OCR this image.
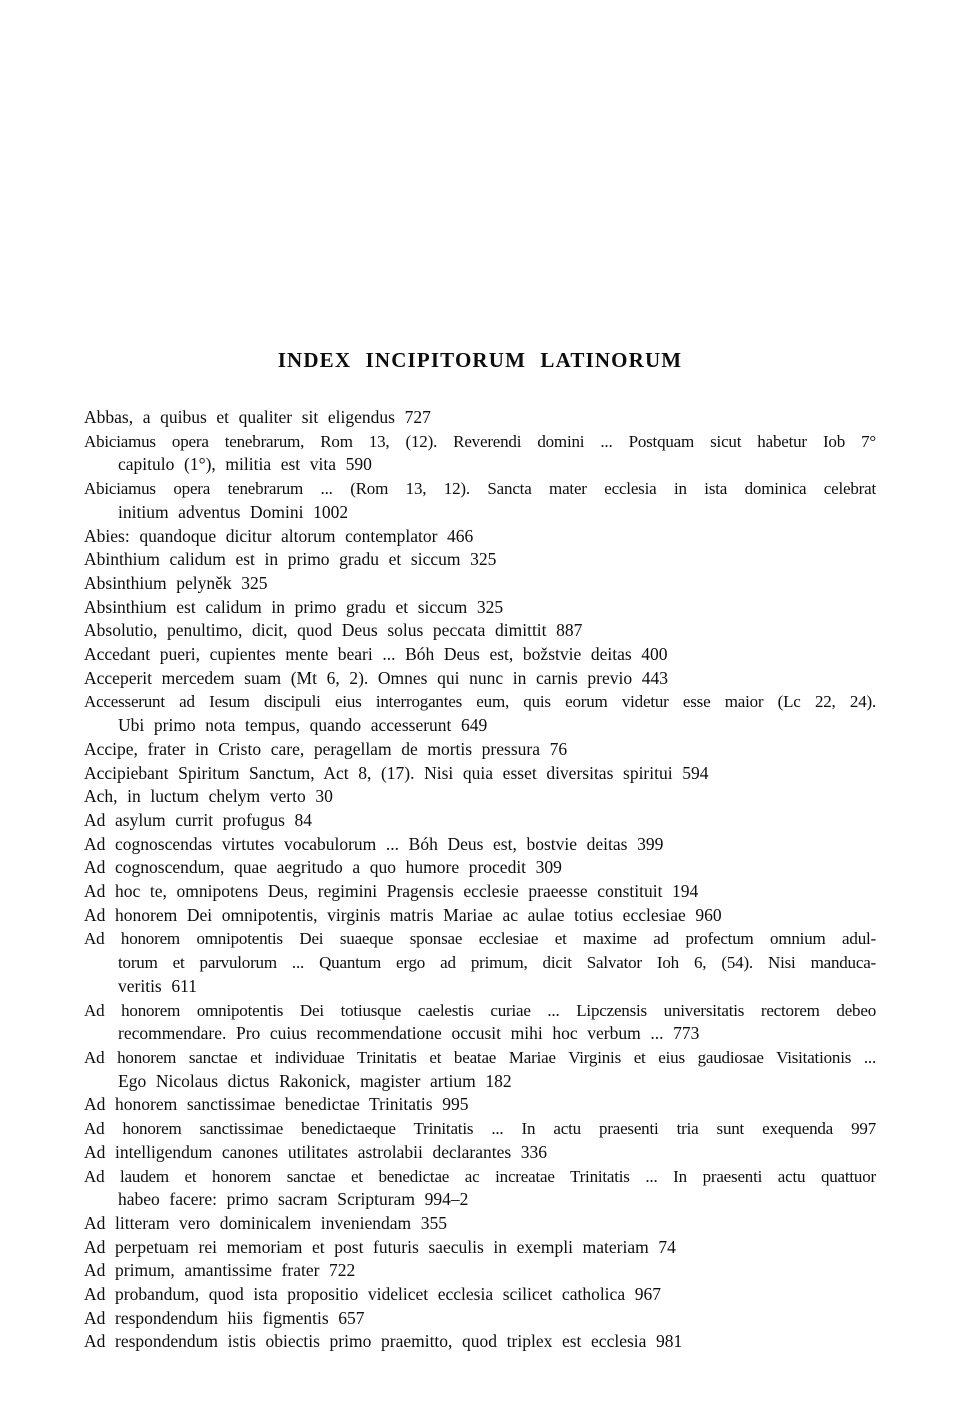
INDEX INCIPITORUM LATINORUM
Abbas, a quibus et qualiter sit eligendus 727
Abiciamus opera tenebrarum, Rom 13, (12). Reverendi domini ... Postquam sicut habetur Iob 7°
capitulo (1°), militia est vita 590
Abiciamus opera tenebrarum ... (Rom 13, 12). Sancta mater ecclesia in ista dominica celebrat
initium adventus Domini 1002
Abies: quandoque dicitur altorum contemplator 466
Abinthium calidum est in primo gradu et siccum 325
Absinthium pelyněk 325
Absinthium est calidum in primo gradu et siccum 325
Absolutio, penultimo, dicit, quod Deus solus peccata dimittit 887
Accedant pueri, cupientes mente beari ... Bóh Deus est, božstvie deitas 400
Acceperit mercedem suam (Mt 6, 2). Omnes qui nunc in carnis previo 443
Accesserunt ad Iesum discipuli eius interrogantes eum, quis eorum videtur esse maior (Lc 22, 24).
Ubi primo nota tempus, quando accesserunt 649
Accipe, frater in Cristo care, peragellam de mortis pressura 76
Accipiebant Spiritum Sanctum, Act 8, (17). Nisi quia esset diversitas spiritui 594
Ach, in luctum chelym verto 30
Ad asylum currit profugus 84
Ad cognoscendas virtutes vocabulorum ... Bóh Deus est, bostvie deitas 399
Ad cognoscendum, quae aegritudo a quo humore procedit 309
Ad hoc te, omnipotens Deus, regimini Pragensis ecclesie praeesse constituit 194
Ad honorem Dei omnipotentis, virginis matris Mariae ac aulae totius ecclesiae 960
Ad honorem omnipotentis Dei suaeque sponsae ecclesiae et maxime ad profectum omnium adul-
torum et parvulorum ... Quantum ergo ad primum, dicit Salvator Ioh 6, (54). Nisi manduca-
veritis 611
Ad honorem omnipotentis Dei totiusque caelestis curiae ... Lipczensis universitatis rectorem debeo
recommendare. Pro cuius recommendatione occusit mihi hoc verbum ... 773
Ad honorem sanctae et individuae Trinitatis et beatae Mariae Virginis et eius gaudiosae Visitationis ...
Ego Nicolaus dictus Rakonick, magister artium 182
Ad honorem sanctissimae benedictae Trinitatis 995
Ad honorem sanctissimae benedictaeque Trinitatis ... In actu praesenti tria sunt exequenda 997
Ad intelligendum canones utilitates astrolabii declarantes 336
Ad laudem et honorem sanctae et benedictae ac increatae Trinitatis ... In praesenti actu quattuor
habeo facere: primo sacram Scripturam 994–2
Ad litteram vero dominicalem inveniendam 355
Ad perpetuam rei memoriam et post futuris saeculis in exempli materiam 74
Ad primum, amantissime frater 722
Ad probandum, quod ista propositio videlicet ecclesia scilicet catholica 967
Ad respondendum hiis figmentis 657
Ad respondendum istis obiectis primo praemitto, quod triplex est ecclesia 981
